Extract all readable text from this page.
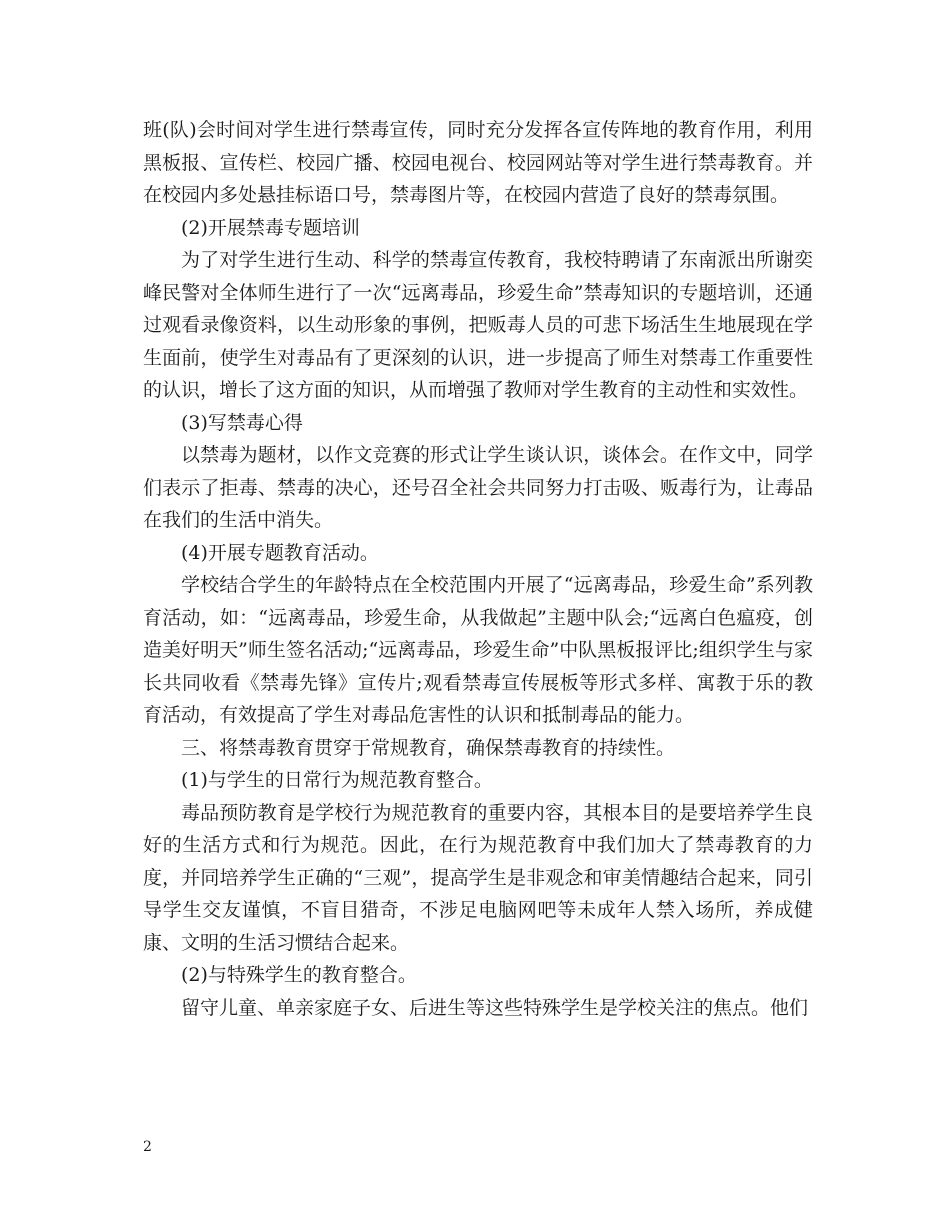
班(队)会时间对学生进行禁毒宣传，同时充分发挥各宣传阵地的教育作用，利用黑板报、宣传栏、校园广播、校园电视台、校园网站等对学生进行禁毒教育。并在校园内多处悬挂标语口号，禁毒图片等，在校园内营造了良好的禁毒氛围。

(2)开展禁毒专题培训

为了对学生进行生动、科学的禁毒宣传教育，我校特聘请了东南派出所谢奕峰民警对全体师生进行了一次“远离毒品，珍爱生命”禁毒知识的专题培训，还通过观看录像资料，以生动形象的事例，把贩毒人员的可悲下场活生生地展现在学生面前，使学生对毒品有了更深刻的认识，进一步提高了师生对禁毒工作重要性的认识，增长了这方面的知识，从而增强了教师对学生教育的主动性和实效性。

(3)写禁毒心得

以禁毒为题材，以作文竞赛的形式让学生谈认识，谈体会。在作文中，同学们表示了拒毒、禁毒的决心，还号召全社会共同努力打击吸、贩毒行为，让毒品在我们的生活中消失。

(4)开展专题教育活动。

学校结合学生的年龄特点在全校范围内开展了“远离毒品，珍爱生命”系列教育活动，如：“远离毒品，珍爱生命，从我做起”主题中队会;“远离白色瘟疫，创造美好明天”师生签名活动;“远离毒品，珍爱生命”中队黑板报评比;组织学生与家长共同收看《禁毒先锋》宣传片;观看禁毒宣传展板等形式多样、寓教于乐的教育活动，有效提高了学生对毒品危害性的认识和抵制毒品的能力。

三、将禁毒教育贯穿于常规教育，确保禁毒教育的持续性。

(1)与学生的日常行为规范教育整合。

毒品预防教育是学校行为规范教育的重要内容，其根本目的是要培养学生良好的生活方式和行为规范。因此，在行为规范教育中我们加大了禁毒教育的力度，并同培养学生正确的“三观”，提高学生是非观念和审美情趣结合起来，同引导学生交友谨慎，不盲目猎奇，不涉足电脑网吧等未成年人禁入场所，养成健康、文明的生活习惯结合起来。

(2)与特殊学生的教育整合。

留守儿童、单亲家庭子女、后进生等这些特殊学生是学校关注的焦点。他们

2
